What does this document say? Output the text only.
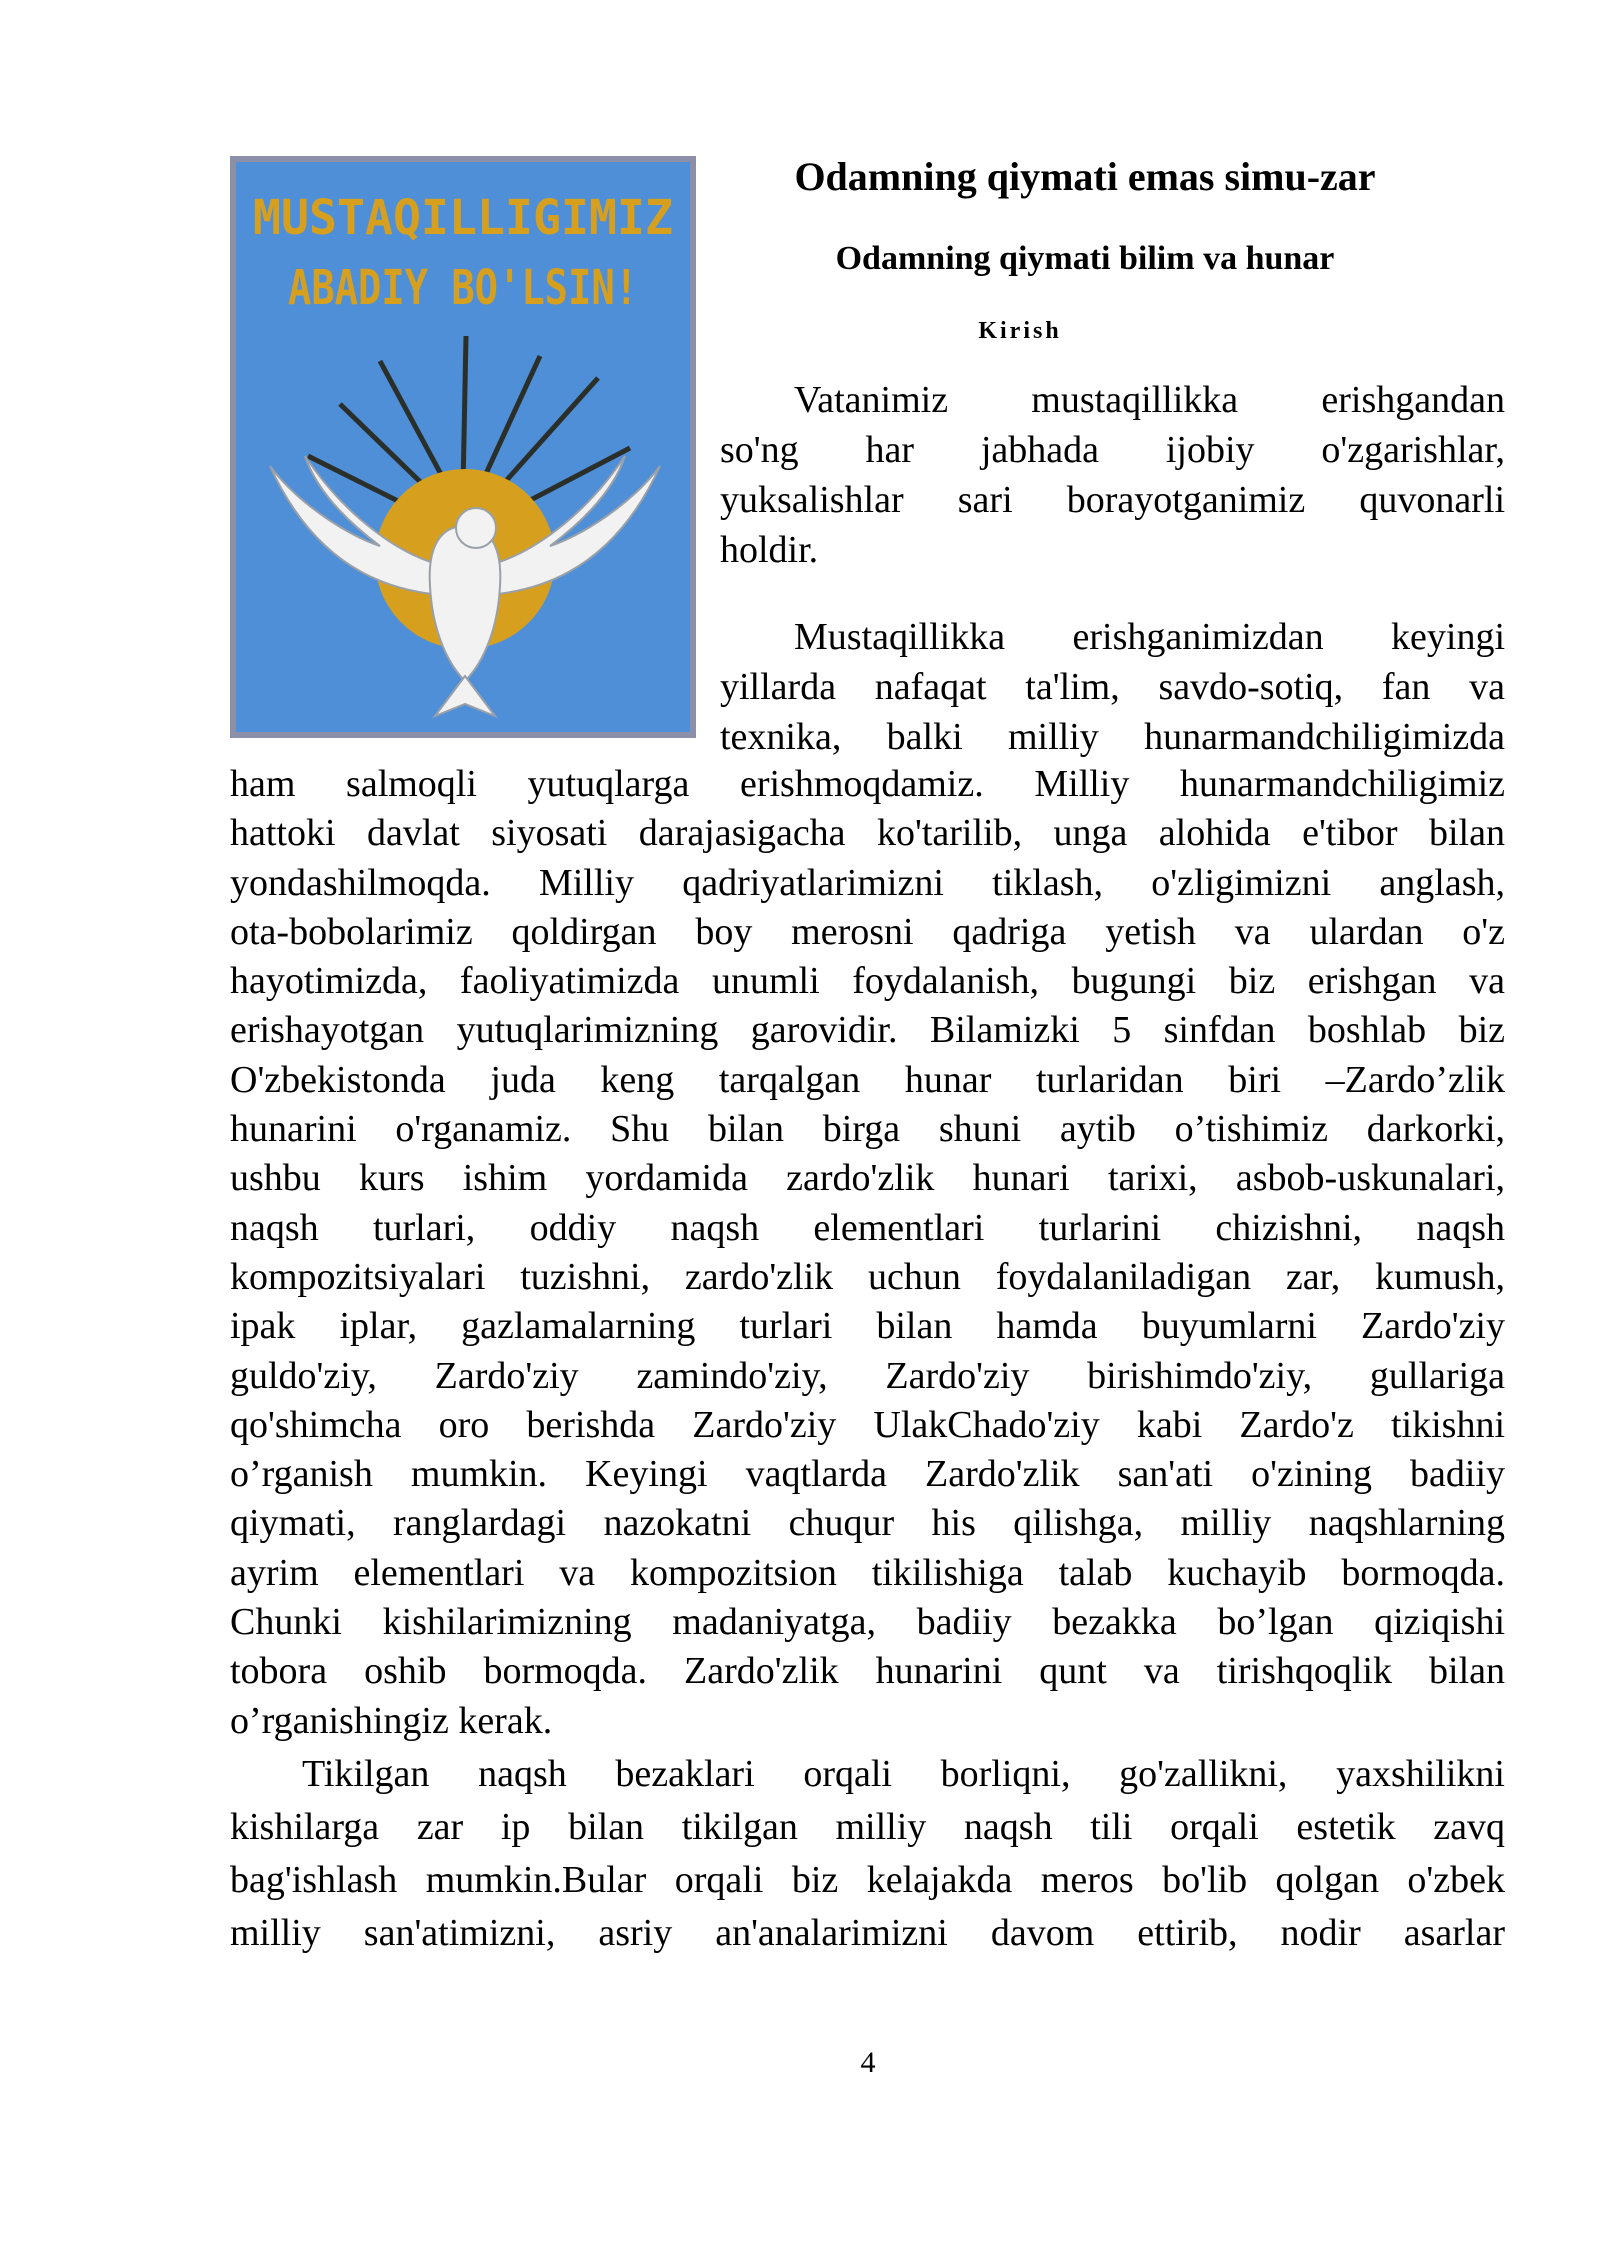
MUSTAQILLIGIMIZ
ABADIY BO'LSIN!
Odamning qiymati emas simu-zar
Odamning qiymati bilim va hunar
Kirish

Vatanimiz mustaqillikka erishgandan
so'ng har jabhada ijobiy o'zgarishlar,
yuksalishlar sari borayotganimiz quvonarli
holdir.

Mustaqillikka erishganimizdan keyingi
yillarda nafaqat ta'lim, savdo-sotiq, fan va
texnika, balki milliy hunarmandchiligimizda

ham salmoqli yutuqlarga erishmoqdamiz. Milliy hunarmandchiligimiz
hattoki davlat siyosati darajasigacha ko'tarilib, unga alohida e'tibor bilan
yondashilmoqda. Milliy qadriyatlarimizni tiklash, o'zligimizni anglash,
ota-bobolarimiz qoldirgan boy merosni qadriga yetish va ulardan o'z
hayotimizda, faoliyatimizda unumli foydalanish, bugungi biz erishgan va
erishayotgan yutuqlarimizning garovidir. Bilamizki 5 sinfdan boshlab biz
O'zbekistonda juda keng tarqalgan hunar turlaridan biri –Zardo’zlik
hunarini o'rganamiz. Shu bilan birga shuni aytib o’tishimiz darkorki,
ushbu kurs ishim yordamida zardo'zlik hunari tarixi, asbob-uskunalari,
naqsh turlari, oddiy naqsh elementlari turlarini chizishni, naqsh
kompozitsiyalari tuzishni, zardo'zlik uchun foydalaniladigan zar, kumush,
ipak iplar, gazlamalarning turlari bilan hamda buyumlarni Zardo'ziy
guldo'ziy, Zardo'ziy zamindo'ziy, Zardo'ziy birishimdo'ziy, gullariga
qo'shimcha oro berishda Zardo'ziy UlakChado'ziy kabi Zardo'z tikishni
o’rganish mumkin. Keyingi vaqtlarda Zardo'zlik san'ati o'zining badiiy
qiymati, ranglardagi nazokatni chuqur his qilishga, milliy naqshlarning
ayrim elementlari va kompozitsion tikilishiga talab kuchayib bormoqda.
Chunki kishilarimizning madaniyatga, badiiy bezakka bo’lgan qiziqishi
tobora oshib bormoqda. Zardo'zlik hunarini qunt va tirishqoqlik bilan
o’rganishingiz kerak.

Tikilgan naqsh bezaklari orqali borliqni, go'zallikni, yaxshilikni
kishilarga zar ip bilan tikilgan milliy naqsh tili orqali estetik zavq
bag'ishlash mumkin.Bular orqali biz kelajakda meros bo'lib qolgan o'zbek
milliy san'atimizni, asriy an'analarimizni davom ettirib, nodir asarlar

4
